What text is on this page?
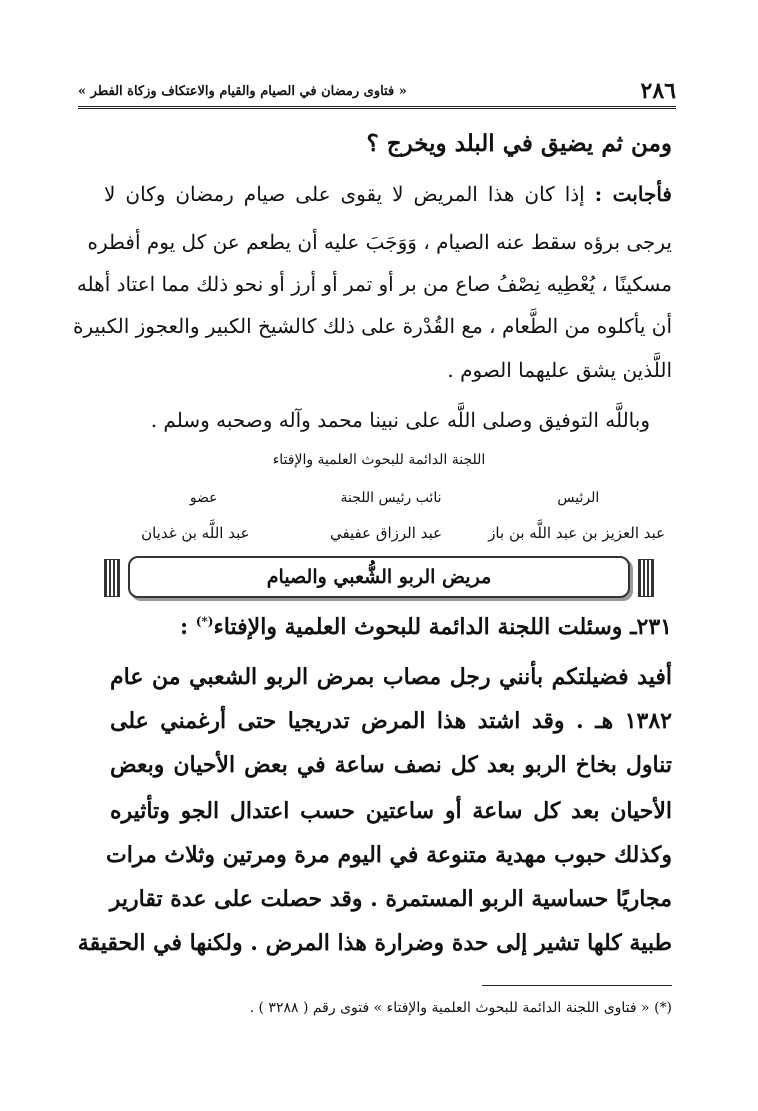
٢٨٦
« فتاوى رمضان في الصيام والقيام والاعتكاف وزكاة الفطر »
ومن ثم يضيق في البلد ويخرج ؟
فأجابت : إذا كان هذا المريض لا يقوى على صيام رمضان وكان لا
يرجى برؤه سقط عنه الصيام ، وَوَجَبَ عليه أن يطعم عن كل يوم أفطره
مسكينًا ، يُعْطِيه نِصْفُ صاع من بر أو تمر أو أرز أو نحو ذلك مما اعتاد أهله
أن يأكلوه من الطَّعام ، مع القُدْرة على ذلك كالشيخ الكبير والعجوز الكبيرة
اللَّذين يشق عليهما الصوم .
وباللَّه التوفيق وصلى اللَّه على نبينا محمد وآله وصحبه وسلم .
اللجنة الدائمة للبحوث العلمية والإفتاء
الرئيس
نائب رئيس اللجنة
عضو
عبد العزيز بن عبد اللَّه بن باز
عبد الرزاق عفيفي
عبد اللَّه بن غديان
مريض الربو الشُّعبي والصيام
٢٣١ـ وسئلت اللجنة الدائمة للبحوث العلمية والإفتاء(*) :
أفيد فضيلتكم بأنني رجل مصاب بمرض الربو الشعبي من عام
١٣٨٢ هـ . وقد اشتد هذا المرض تدريجيا حتى أرغمني على
تناول بخاخ الربو بعد كل نصف ساعة في بعض الأحيان وبعض
الأحيان بعد كل ساعة أو ساعتين حسب اعتدال الجو وتأثيره
وكذلك حبوب مهدية متنوعة في اليوم مرة ومرتين وثلاث مرات
مجاريًا حساسية الربو المستمرة . وقد حصلت على عدة تقارير
طبية كلها تشير إلى حدة وضرارة هذا المرض . ولكنها في الحقيقة
(*) « فتاوى اللجنة الدائمة للبحوث العلمية والإفتاء » فتوى رقم ( ٣٢٨٨ ) .
